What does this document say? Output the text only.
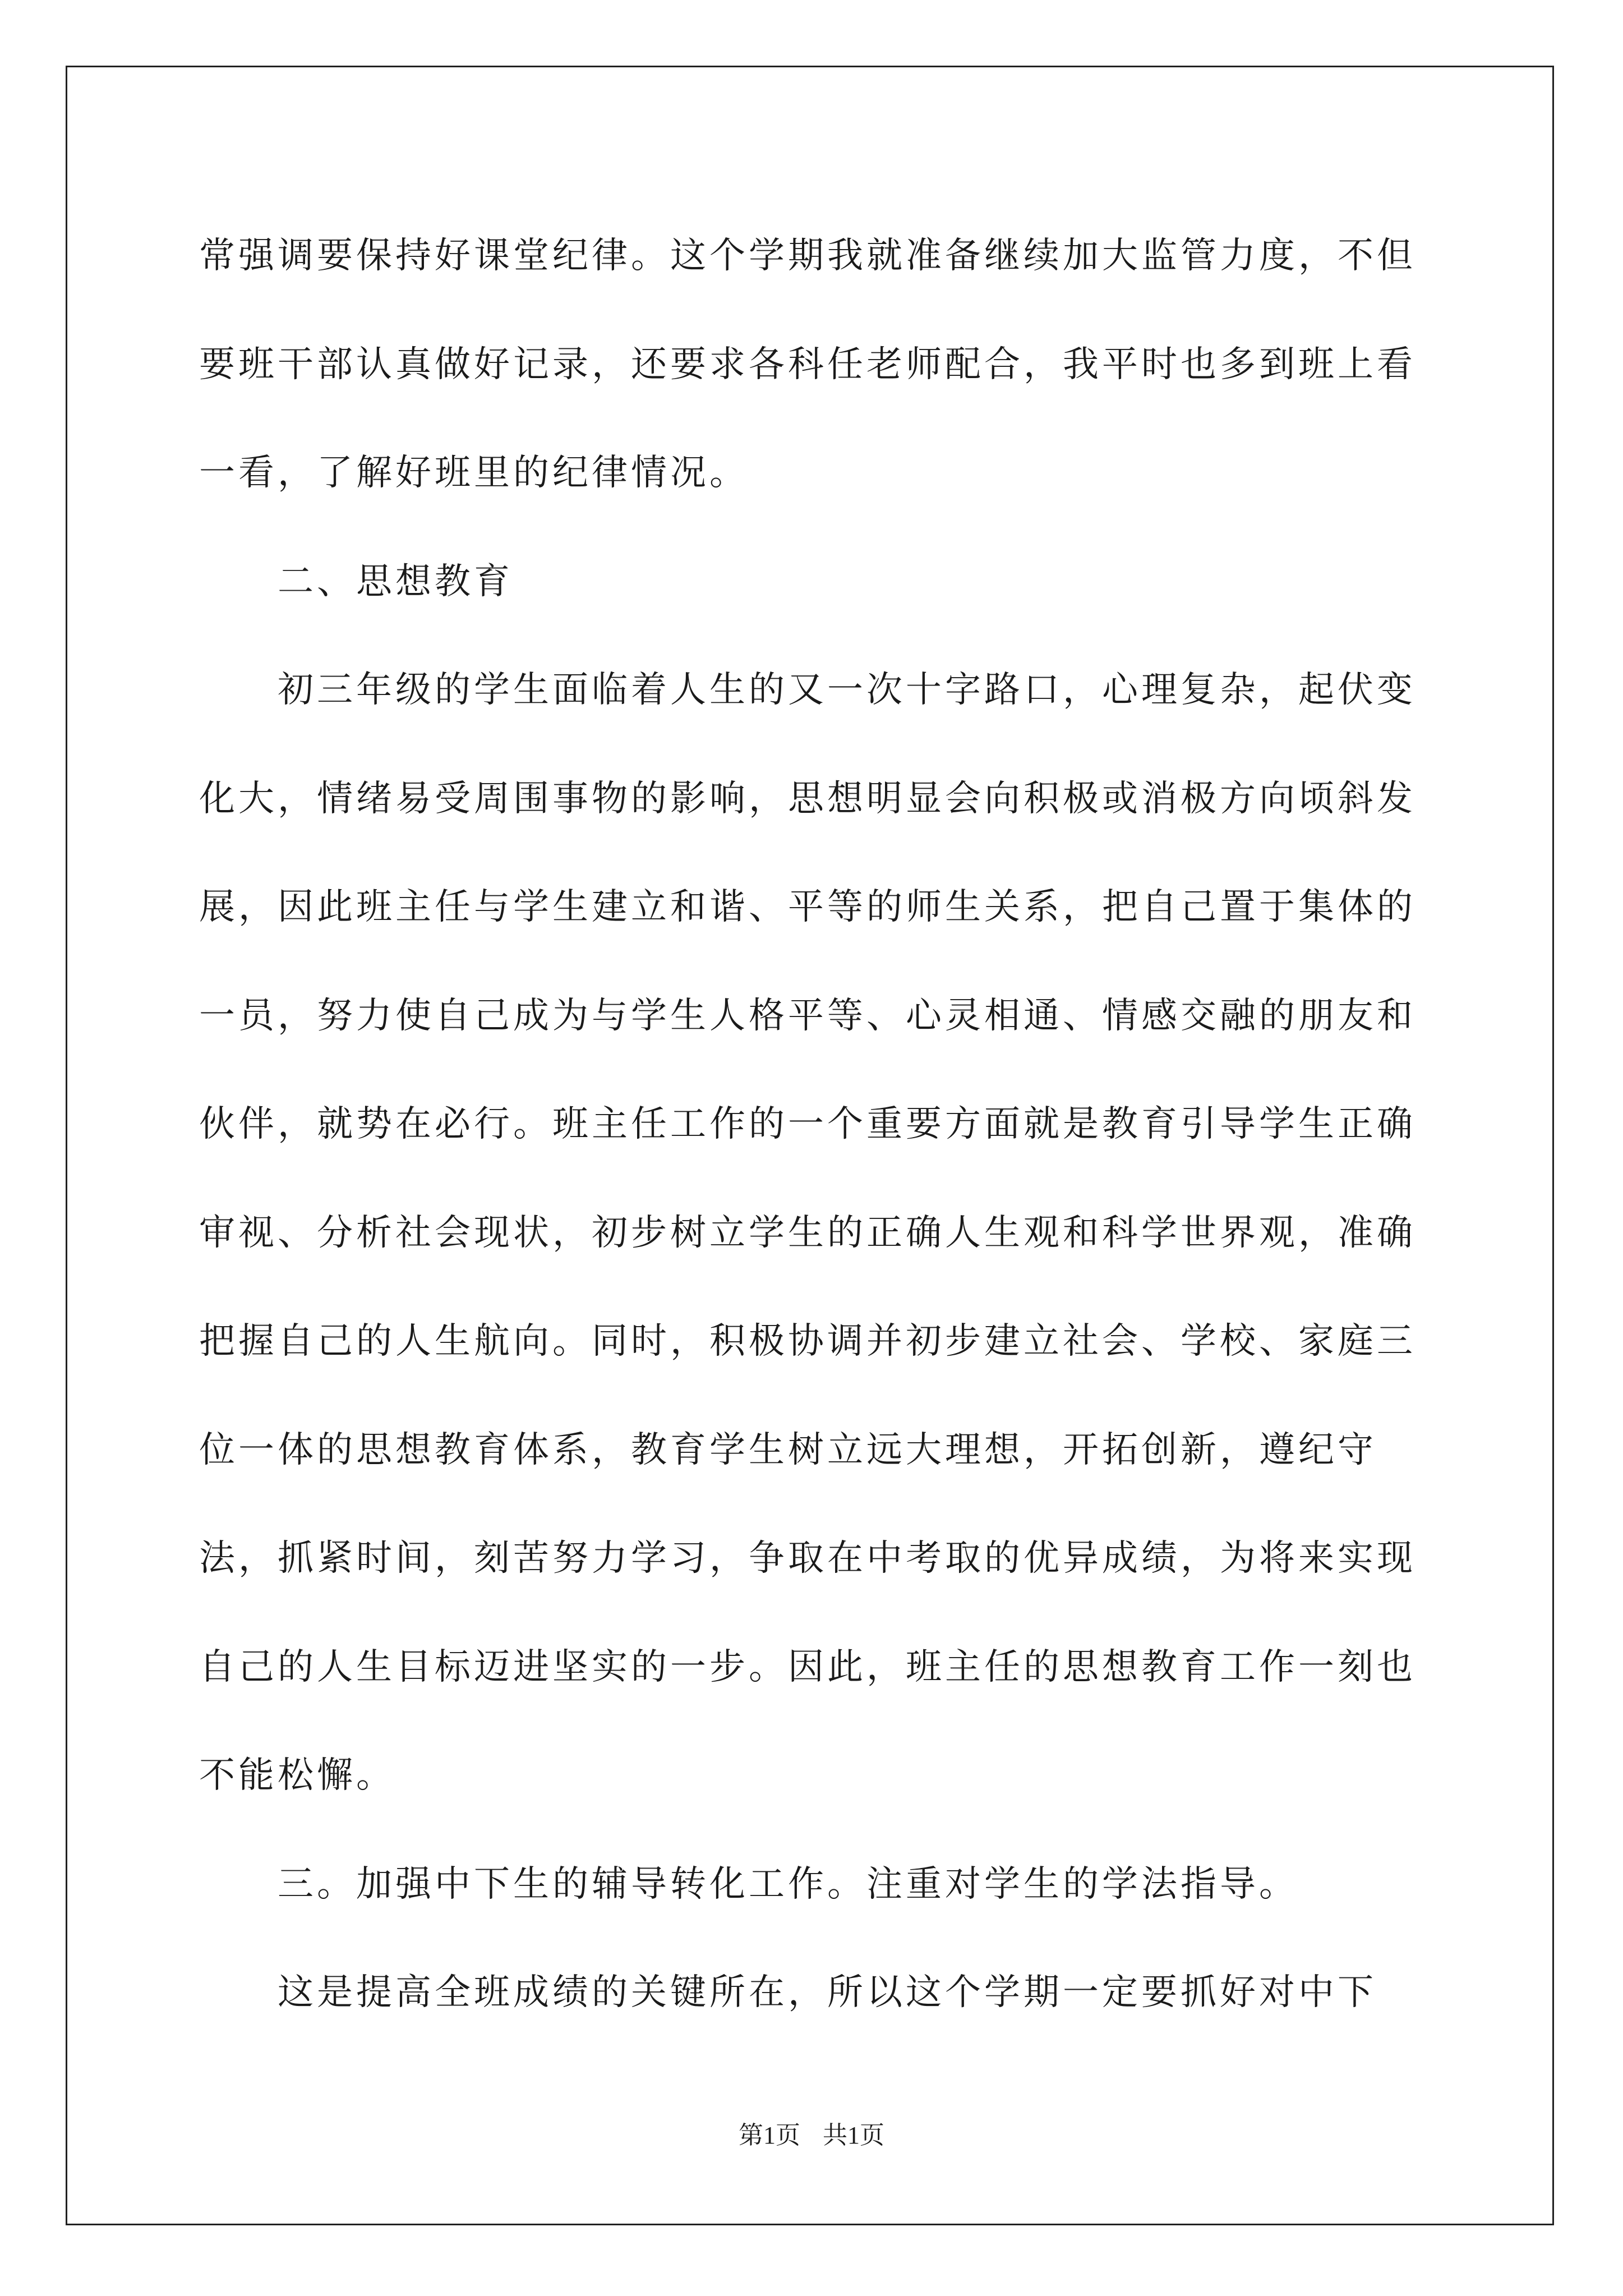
常强调要保持好课堂纪律。这个学期我就准备继续加大监管力度，不但要班干部认真做好记录，还要求各科任老师配合，我平时也多到班上看一看，了解好班里的纪律情况。

二、思想教育

初三年级的学生面临着人生的又一次十字路口，心理复杂，起伏变化大，情绪易受周围事物的影响，思想明显会向积极或消极方向顷斜发展，因此班主任与学生建立和谐、平等的师生关系，把自己置于集体的一员，努力使自己成为与学生人格平等、心灵相通、情感交融的朋友和伙伴，就势在必行。班主任工作的一个重要方面就是教育引导学生正确审视、分析社会现状，初步树立学生的正确人生观和科学世界观，准确把握自己的人生航向。同时，积极协调并初步建立社会、学校、家庭三位一体的思想教育体系，教育学生树立远大理想，开拓创新，遵纪守法，抓紧时间，刻苦努力学习，争取在中考取的优异成绩，为将来实现自己的人生目标迈进坚实的一步。因此，班主任的思想教育工作一刻也不能松懈。

三。加强中下生的辅导转化工作。注重对学生的学法指导。

这是提高全班成绩的关键所在，所以这个学期一定要抓好对中下

第1页 共1页
